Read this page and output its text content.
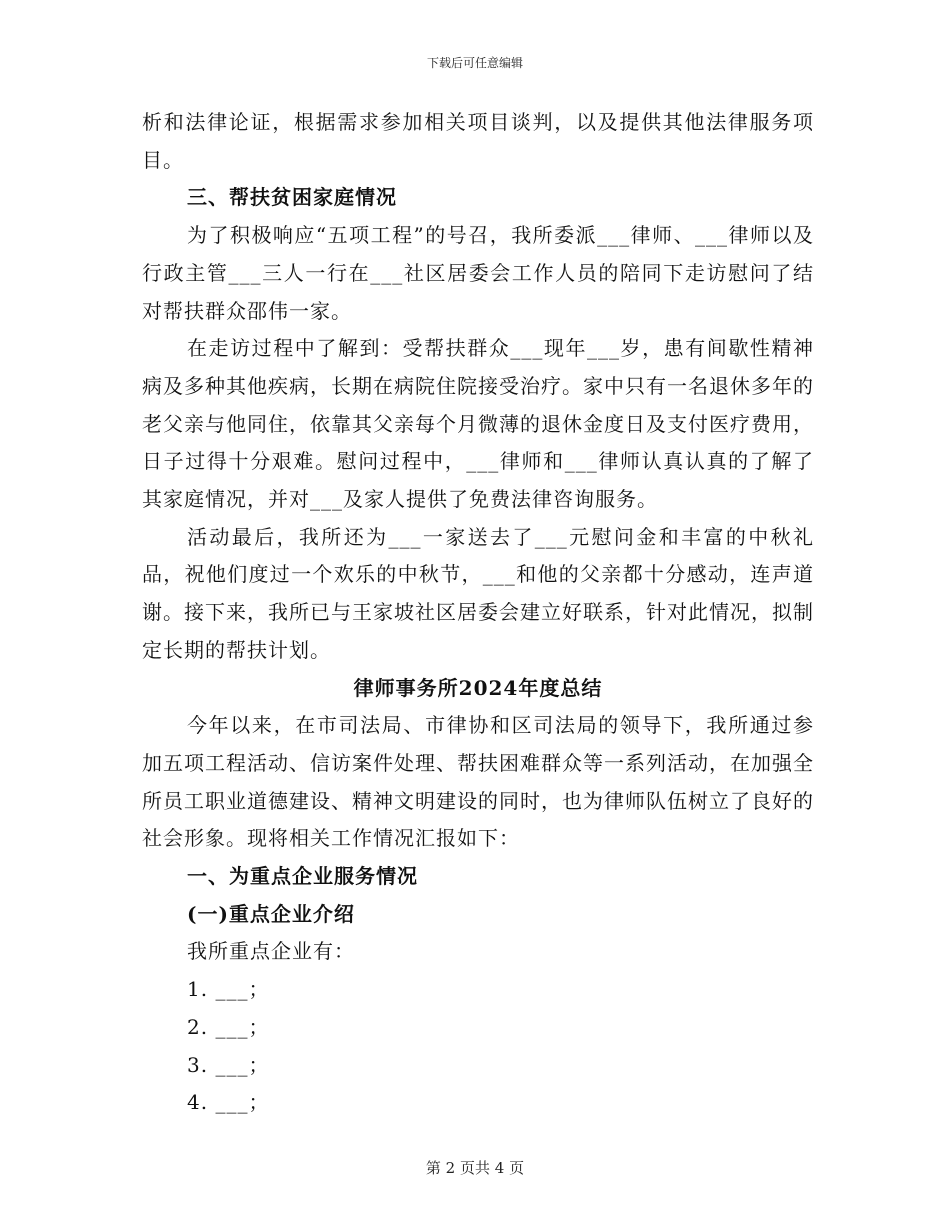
下载后可任意编辑

析和法律论证，根据需求参加相关项目谈判，以及提供其他法律服务项目。

三、帮扶贫困家庭情况

为了积极响应“五项工程”的号召，我所委派___律师、___律师以及行政主管___三人一行在___社区居委会工作人员的陪同下走访慰问了结对帮扶群众邵伟一家。

在走访过程中了解到：受帮扶群众___现年___岁，患有间歇性精神病及多种其他疾病，长期在病院住院接受治疗。家中只有一名退休多年的老父亲与他同住，依靠其父亲每个月微薄的退休金度日及支付医疗费用，日子过得十分艰难。慰问过程中，___律师和___律师认真认真的了解了其家庭情况，并对___及家人提供了免费法律咨询服务。

活动最后，我所还为___一家送去了___元慰问金和丰富的中秋礼品，祝他们度过一个欢乐的中秋节，___和他的父亲都十分感动，连声道谢。接下来，我所已与王家坡社区居委会建立好联系，针对此情况，拟制定长期的帮扶计划。

律师事务所2024年度总结

今年以来，在市司法局、市律协和区司法局的领导下，我所通过参加五项工程活动、信访案件处理、帮扶困难群众等一系列活动，在加强全所员工职业道德建设、精神文明建设的同时，也为律师队伍树立了良好的社会形象。现将相关工作情况汇报如下：

一、为重点企业服务情况

(一)重点企业介绍

我所重点企业有：

1. ___；

2. ___；

3. ___；

4. ___；

第 2 页共 4 页
